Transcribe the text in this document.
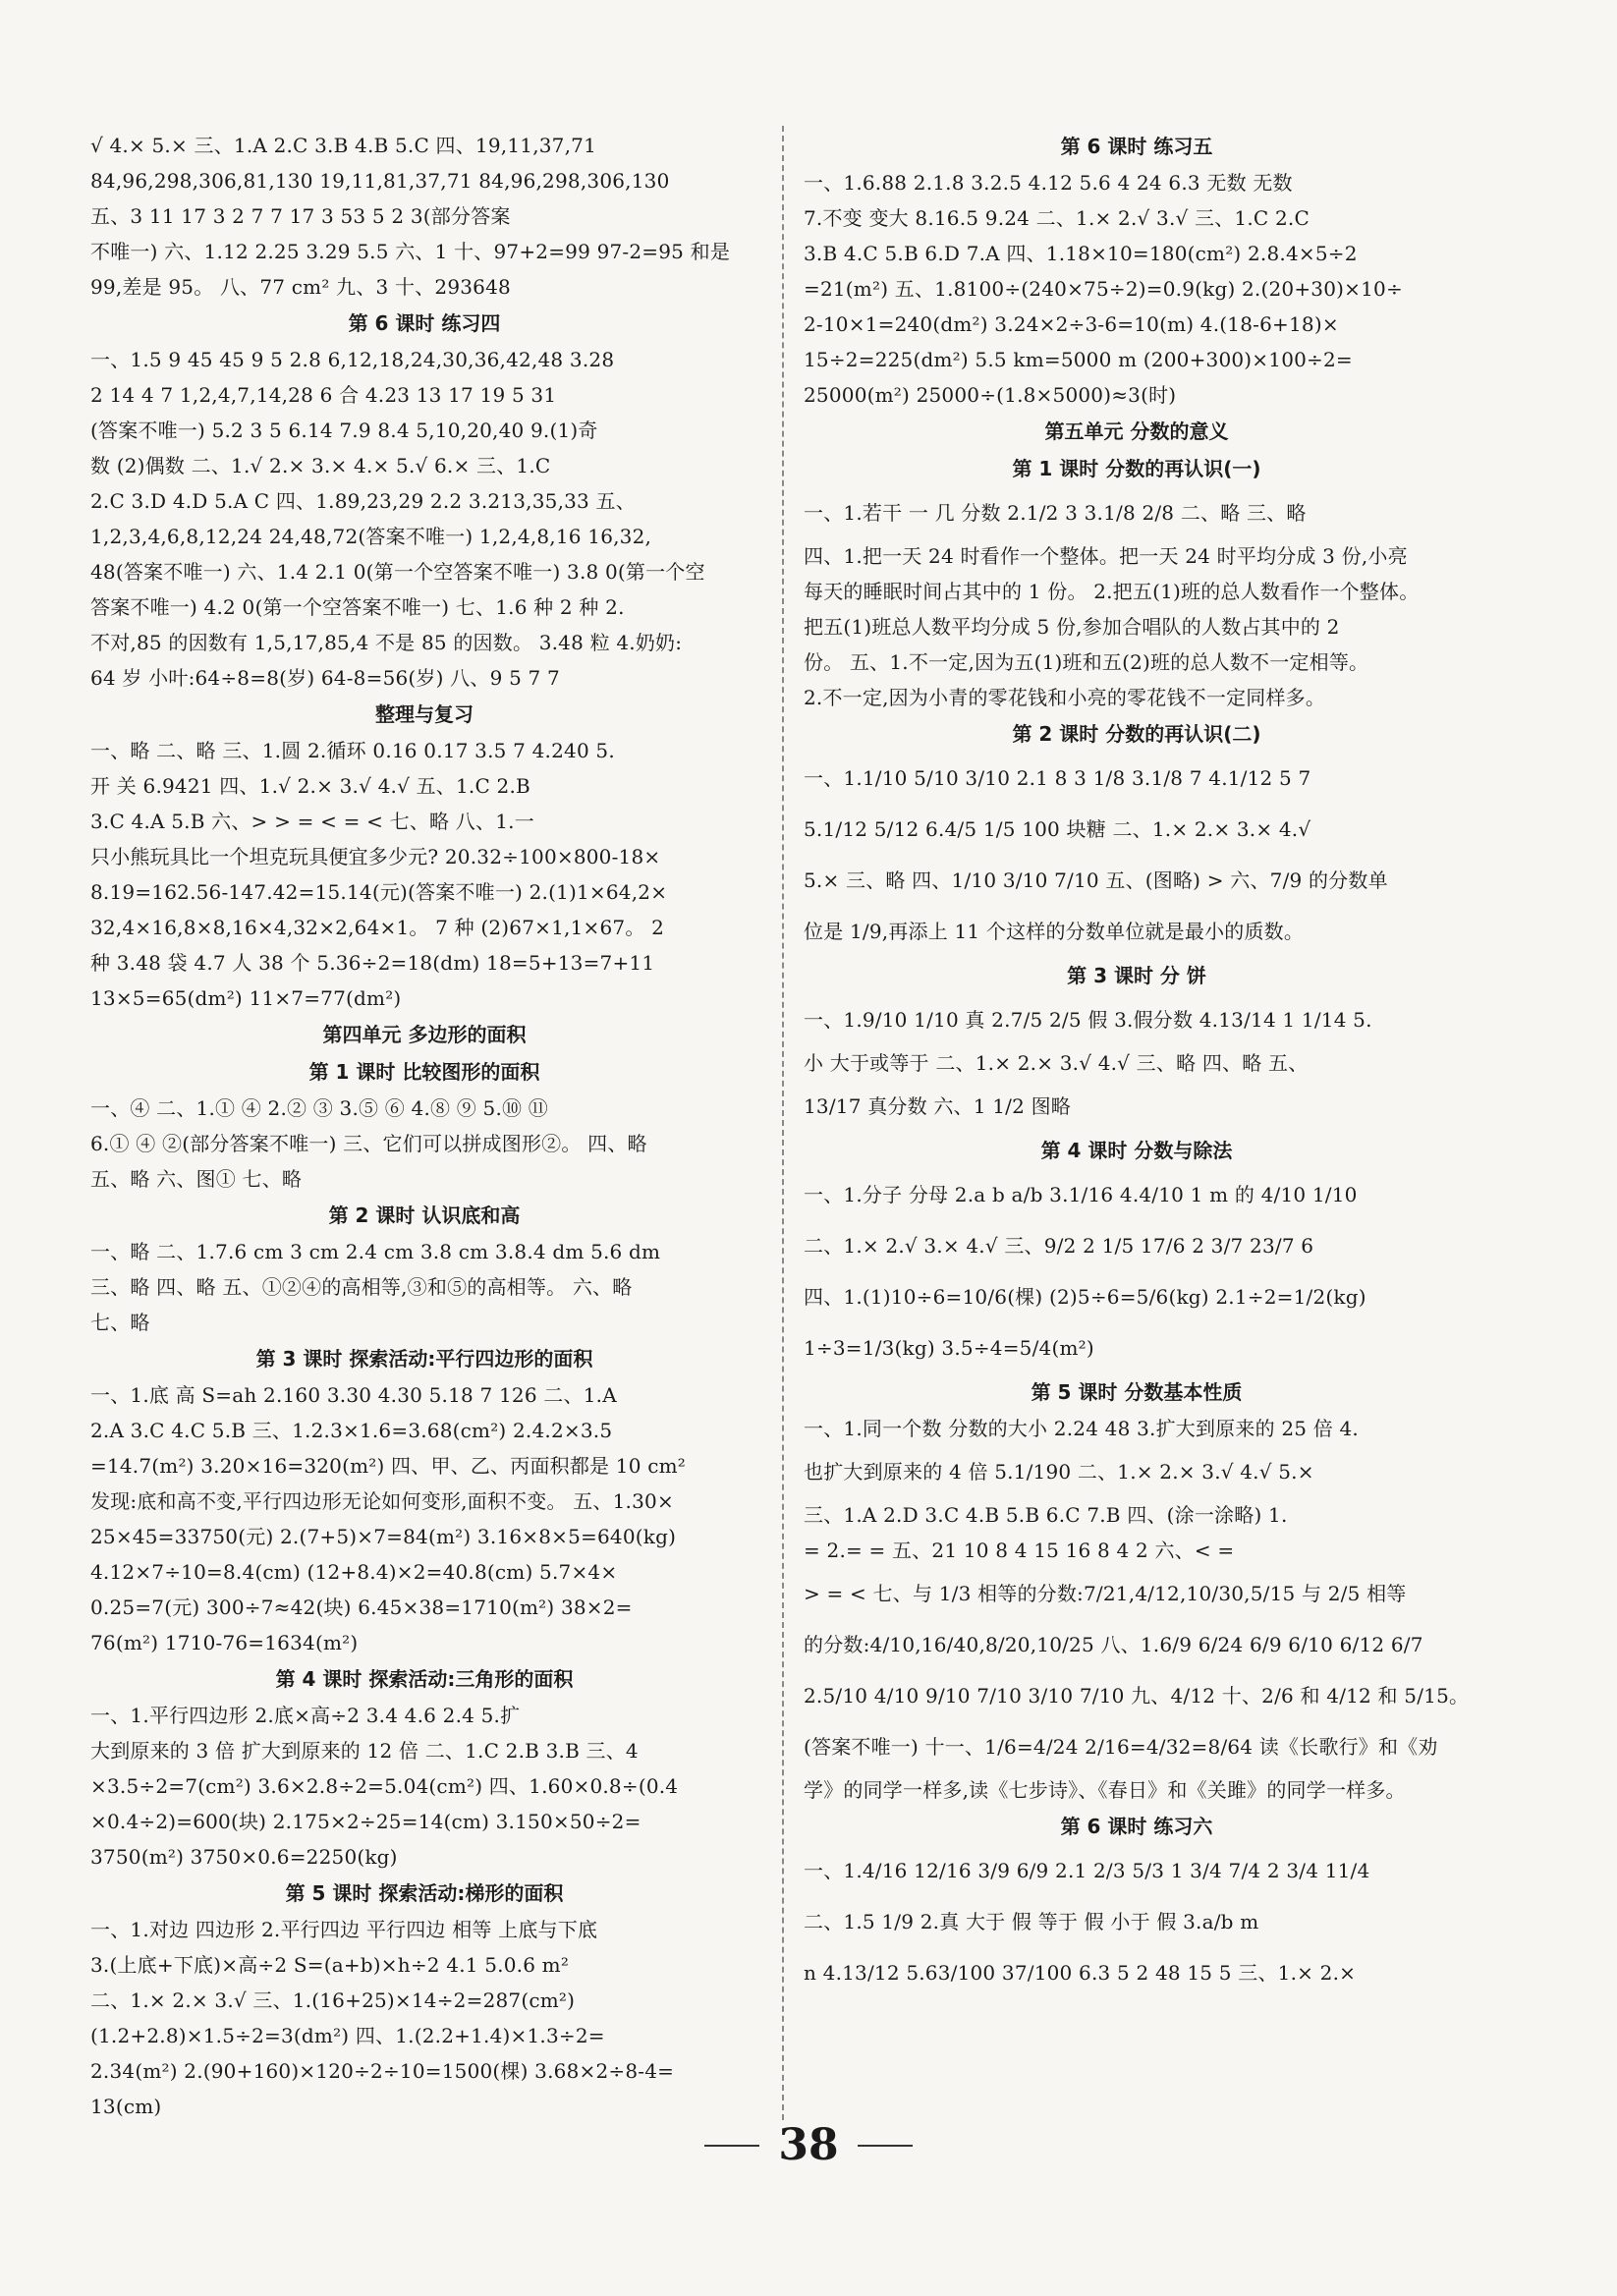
√ 4.× 5.× 三、1.A 2.C 3.B 4.B 5.C 四、19,11,37,71
84,96,298,306,81,130 19,11,81,37,71 84,96,298,306,130
五、3 11 17 3 2 7 7 17 3 53 5 2 3(部分答案
不唯一) 六、1.12 2.25 3.29 5.5 六、1 十、97+2=99 97-2=95 和是
99,差是 95。 八、77 cm² 九、3 十、293648
第 6 课时 练习四
一、1.5 9 45 45 9 5 2.8 6,12,18,24,30,36,42,48 3.28
2 14 4 7 1,2,4,7,14,28 6 合 4.23 13 17 19 5 31
(答案不唯一) 5.2 3 5 6.14 7.9 8.4 5,10,20,40 9.(1)奇
数 (2)偶数 二、1.√ 2.× 3.× 4.× 5.√ 6.× 三、1.C
2.C 3.D 4.D 5.A C 四、1.89,23,29 2.2 3.213,35,33 五、
1,2,3,4,6,8,12,24 24,48,72(答案不唯一) 1,2,4,8,16 16,32,
48(答案不唯一) 六、1.4 2.1 0(第一个空答案不唯一) 3.8 0(第一个空
答案不唯一) 4.2 0(第一个空答案不唯一) 七、1.6 种 2 种 2.
不对,85 的因数有 1,5,17,85,4 不是 85 的因数。 3.48 粒 4.奶奶:
64 岁 小叶:64÷8=8(岁) 64-8=56(岁) 八、9 5 7 7
整理与复习
一、略 二、略 三、1.圆 2.循环 0.16 0.17 3.5 7 4.240 5.
开 关 6.9421 四、1.√ 2.× 3.√ 4.√ 五、1.C 2.B
3.C 4.A 5.B 六、> > = < = < 七、略 八、1.一
只小熊玩具比一个坦克玩具便宜多少元? 20.32÷100×800-18×
8.19=162.56-147.42=15.14(元)(答案不唯一) 2.(1)1×64,2×
32,4×16,8×8,16×4,32×2,64×1。 7 种 (2)67×1,1×67。 2
种 3.48 袋 4.7 人 38 个 5.36÷2=18(dm) 18=5+13=7+11
13×5=65(dm²) 11×7=77(dm²)
第四单元 多边形的面积
第 1 课时 比较图形的面积
一、④ 二、1.① ④ 2.② ③ 3.⑤ ⑥ 4.⑧ ⑨ 5.⑩ ⑪
6.① ④ ②(部分答案不唯一) 三、它们可以拼成图形②。 四、略
五、略 六、图① 七、略
第 2 课时 认识底和高
一、略 二、1.7.6 cm 3 cm 2.4 cm 3.8 cm 3.8.4 dm 5.6 dm
三、略 四、略 五、①②④的高相等,③和⑤的高相等。 六、略
七、略
第 3 课时 探索活动:平行四边形的面积
一、1.底 高 S=ah 2.160 3.30 4.30 5.18 7 126 二、1.A
2.A 3.C 4.C 5.B 三、1.2.3×1.6=3.68(cm²) 2.4.2×3.5
=14.7(m²) 3.20×16=320(m²) 四、甲、乙、丙面积都是 10 cm²
发现:底和高不变,平行四边形无论如何变形,面积不变。 五、1.30×
25×45=33750(元) 2.(7+5)×7=84(m²) 3.16×8×5=640(kg)
4.12×7÷10=8.4(cm) (12+8.4)×2=40.8(cm) 5.7×4×
0.25=7(元) 300÷7≈42(块) 6.45×38=1710(m²) 38×2=
76(m²) 1710-76=1634(m²)
第 4 课时 探索活动:三角形的面积
一、1.平行四边形 2.底×高÷2 3.4 4.6 2.4 5.扩
大到原来的 3 倍 扩大到原来的 12 倍 二、1.C 2.B 3.B 三、4
×3.5÷2=7(cm²) 3.6×2.8÷2=5.04(cm²) 四、1.60×0.8÷(0.4
×0.4÷2)=600(块) 2.175×2÷25=14(cm) 3.150×50÷2=
3750(m²) 3750×0.6=2250(kg)
第 5 课时 探索活动:梯形的面积
一、1.对边 四边形 2.平行四边 平行四边 相等 上底与下底
3.(上底+下底)×高÷2 S=(a+b)×h÷2 4.1 5.0.6 m²
二、1.× 2.× 3.√ 三、1.(16+25)×14÷2=287(cm²)
(1.2+2.8)×1.5÷2=3(dm²) 四、1.(2.2+1.4)×1.3÷2=
2.34(m²) 2.(90+160)×120÷2÷10=1500(棵) 3.68×2÷8-4=
13(cm)
第 6 课时 练习五
一、1.6.88 2.1.8 3.2.5 4.12 5.6 4 24 6.3 无数 无数
7.不变 变大 8.16.5 9.24 二、1.× 2.√ 3.√ 三、1.C 2.C
3.B 4.C 5.B 6.D 7.A 四、1.18×10=180(cm²) 2.8.4×5÷2
=21(m²) 五、1.8100÷(240×75÷2)=0.9(kg) 2.(20+30)×10÷
2-10×1=240(dm²) 3.24×2÷3-6=10(m) 4.(18-6+18)×
15÷2=225(dm²) 5.5 km=5000 m (200+300)×100÷2=
25000(m²) 25000÷(1.8×5000)≈3(时)
第五单元 分数的意义
第 1 课时 分数的再认识(一)
一、1.若干 一 几 分数 2.1/2 3 3.1/8 2/8 二、略 三、略
四、1.把一天 24 时看作一个整体。把一天 24 时平均分成 3 份,小亮
每天的睡眠时间占其中的 1 份。 2.把五(1)班的总人数看作一个整体。
把五(1)班总人数平均分成 5 份,参加合唱队的人数占其中的 2
份。 五、1.不一定,因为五(1)班和五(2)班的总人数不一定相等。
2.不一定,因为小青的零花钱和小亮的零花钱不一定同样多。
第 2 课时 分数的再认识(二)
一、1.1/10 5/10 3/10 2.1 8 3 1/8 3.1/8 7 4.1/12 5 7
5.1/12 5/12 6.4/5 1/5 100 块糖 二、1.× 2.× 3.× 4.√
5.× 三、略 四、1/10 3/10 7/10 五、(图略) > 六、7/9 的分数单
位是 1/9,再添上 11 个这样的分数单位就是最小的质数。
第 3 课时 分 饼
一、1.9/10 1/10 真 2.7/5 2/5 假 3.假分数 4.13/14 1 1/14 5.
小 大于或等于 二、1.× 2.× 3.√ 4.√ 三、略 四、略 五、
13/17 真分数 六、1 1/2 图略
第 4 课时 分数与除法
一、1.分子 分母 2.a b a/b 3.1/16 4.4/10 1 m 的 4/10 1/10
二、1.× 2.√ 3.× 4.√ 三、9/2 2 1/5 17/6 2 3/7 23/7 6
四、1.(1)10÷6=10/6(棵) (2)5÷6=5/6(kg) 2.1÷2=1/2(kg)
1÷3=1/3(kg) 3.5÷4=5/4(m²)
第 5 课时 分数基本性质
一、1.同一个数 分数的大小 2.24 48 3.扩大到原来的 25 倍 4.
也扩大到原来的 4 倍 5.1/190 二、1.× 2.× 3.√ 4.√ 5.×
三、1.A 2.D 3.C 4.B 5.B 6.C 7.B 四、(涂一涂略) 1.
= 2.= = 五、21 10 8 4 15 16 8 4 2 六、< =
> = < 七、与 1/3 相等的分数:7/21,4/12,10/30,5/15 与 2/5 相等
的分数:4/10,16/40,8/20,10/25 八、1.6/9 6/24 6/9 6/10 6/12 6/7
2.5/10 4/10 9/10 7/10 3/10 7/10 九、4/12 十、2/6 和 4/12 和 5/15。
(答案不唯一) 十一、1/6=4/24 2/16=4/32=8/64 读《长歌行》和《劝
学》的同学一样多,读《七步诗》、《春日》和《关雎》的同学一样多。
第 6 课时 练习六
一、1.4/16 12/16 3/9 6/9 2.1 2/3 5/3 1 3/4 7/4 2 3/4 11/4
二、1.5 1/9 2.真 大于 假 等于 假 小于 假 3.a/b m
n 4.13/12 5.63/100 37/100 6.3 5 2 48 15 5 三、1.× 2.×
38
